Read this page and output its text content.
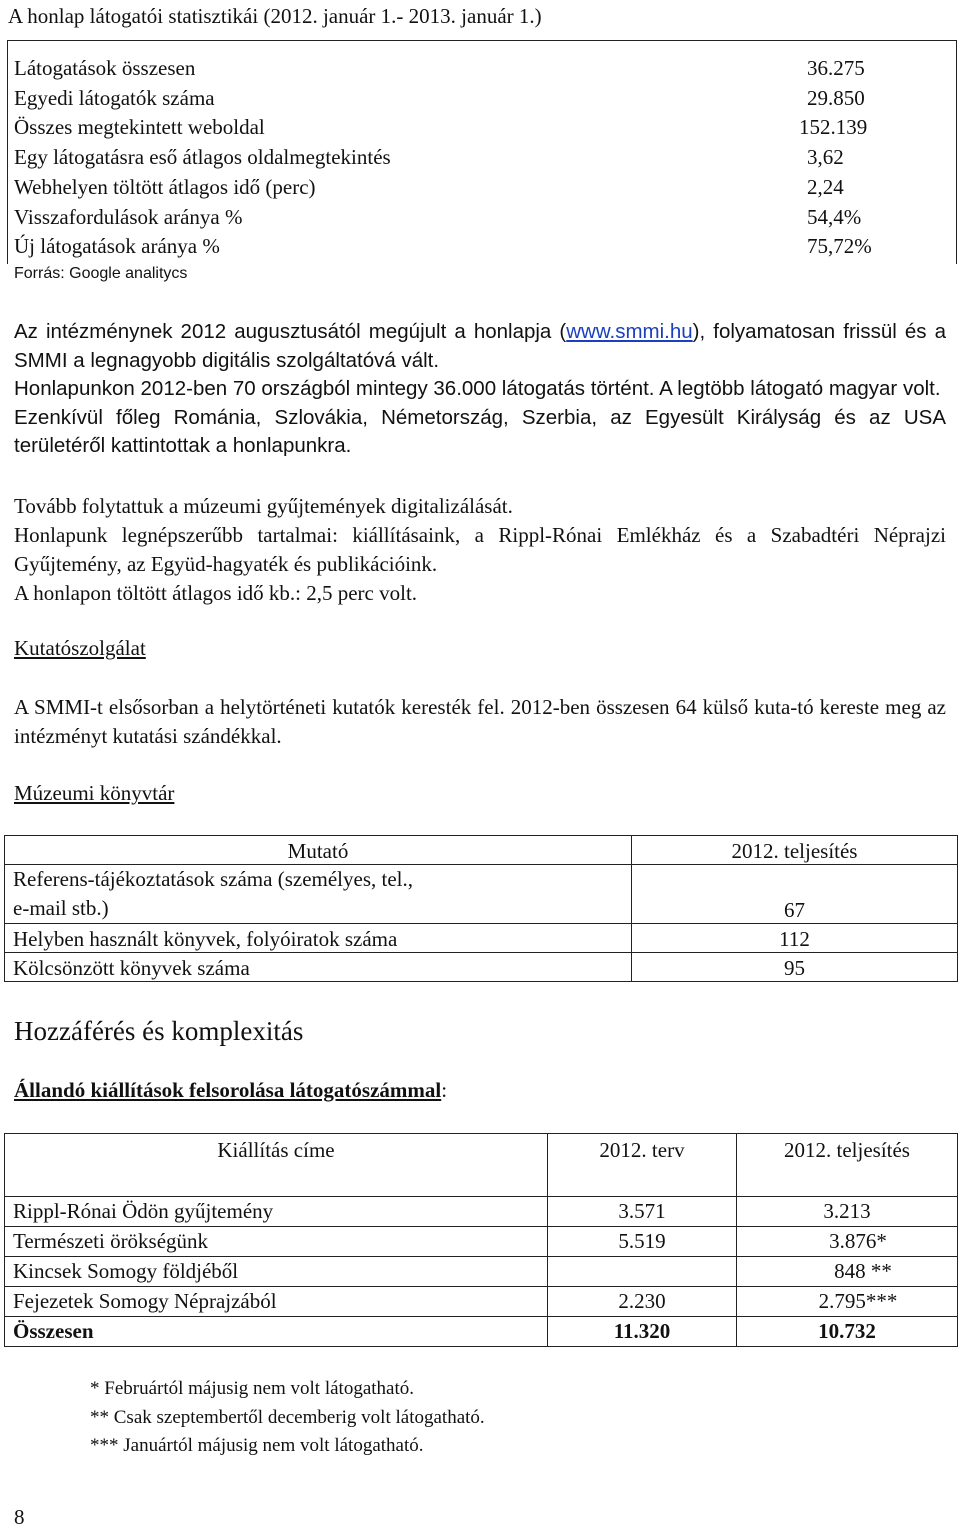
A honlap látogatói statisztikái (2012. január 1.- 2013. január 1.)
Látogatások összesen	36.275
Egyedi látogatók száma	29.850
Összes megtekintett weboldal	152.139
Egy látogatásra eső átlagos oldalmegtekintés	3,62
Webhelyen töltött átlagos idő (perc)	2,24
Visszafordulások aránya %	54,4%
Új látogatások aránya %	75,72%
Forrás: Google analitycs

Az intézménynek 2012 augusztusától megújult a honlapja (www.smmi.hu), folyamatosan frissül és a SMMI a legnagyobb digitális szolgáltatóvá vált.

Honlapunkon 2012-ben 70 országból mintegy 36.000 látogatás történt. A legtöbb látogató magyar volt.

Ezenkívül főleg Románia, Szlovákia, Németország, Szerbia, az Egyesült Királyság és az USA területéről kattintottak a honlapunkra.

Tovább folytattuk a múzeumi gyűjtemények digitalizálását.

Honlapunk legnépszerűbb tartalmai: kiállításaink, a Rippl-Rónai Emlékház és a Szabadtéri Néprajzi Gyűjtemény, az Együd-hagyaték és publikációink.

A honlapon töltött átlagos idő kb.: 2,5 perc volt.

Kutatószolgálat

A SMMI-t elsősorban a helytörténeti kutatók keresték fel. 2012-ben összesen 64 külső kuta-tó kereste meg az intézményt kutatási szándékkal.

Múzeumi könyvtár
Mutató	2012. teljesítés
Referens-tájékoztatások száma (személyes, tel.,
e-mail stb.)	67
Helyben használt könyvek, folyóiratok száma	112
Kölcsönzött könyvek száma	95
Hozzáférés és komplexitás
Állandó kiállítások felsorolása látogatószámmal:
Kiállítás címe	2012. terv	2012. teljesítés
Rippl-Rónai Ödön gyűjtemény	3.571	3.213
Természeti örökségünk	5.519	3.876*
Kincsek Somogy földjéből		848 **
Fejezetek Somogy Néprajzából	2.230	2.795***
Összesen	11.320	10.732
* Februártól májusig nem volt látogatható.
** Csak szeptembertől decemberig volt látogatható.
*** Januártól májusig nem volt látogatható.
8
